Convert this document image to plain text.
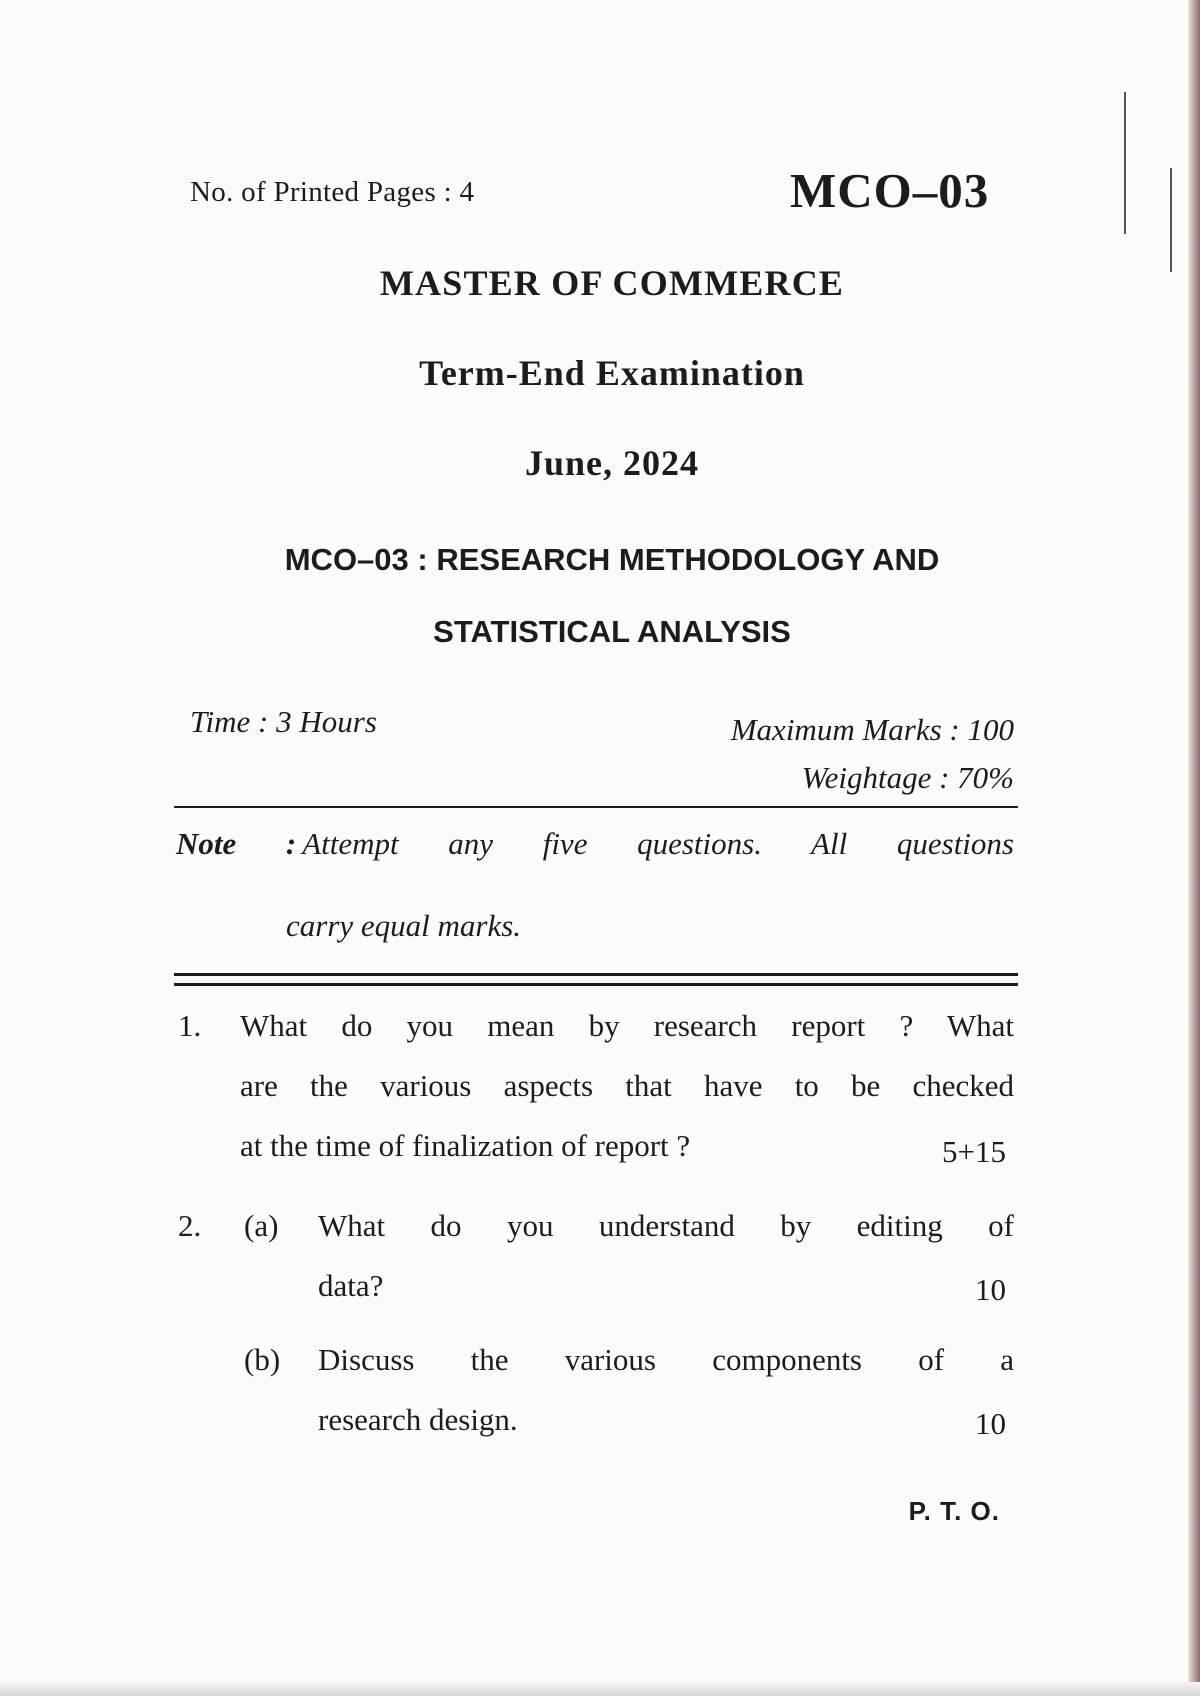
No. of Printed Pages : 4	MCO–03
MASTER OF COMMERCE
Term-End Examination
June, 2024
MCO–03 : RESEARCH METHODOLOGY AND
STATISTICAL ANALYSIS
Time : 3 Hours	Maximum Marks : 100
Weightage : 70%
Note : Attempt any five questions. All questions
carry equal marks.
1. What do you mean by research report ? What
are the various aspects that have to be checked
at the time of finalization of report ?	5+15
2. (a) What do you understand by editing of
data?	10
(b) Discuss the various components of a
research design.	10
P. T. O.
